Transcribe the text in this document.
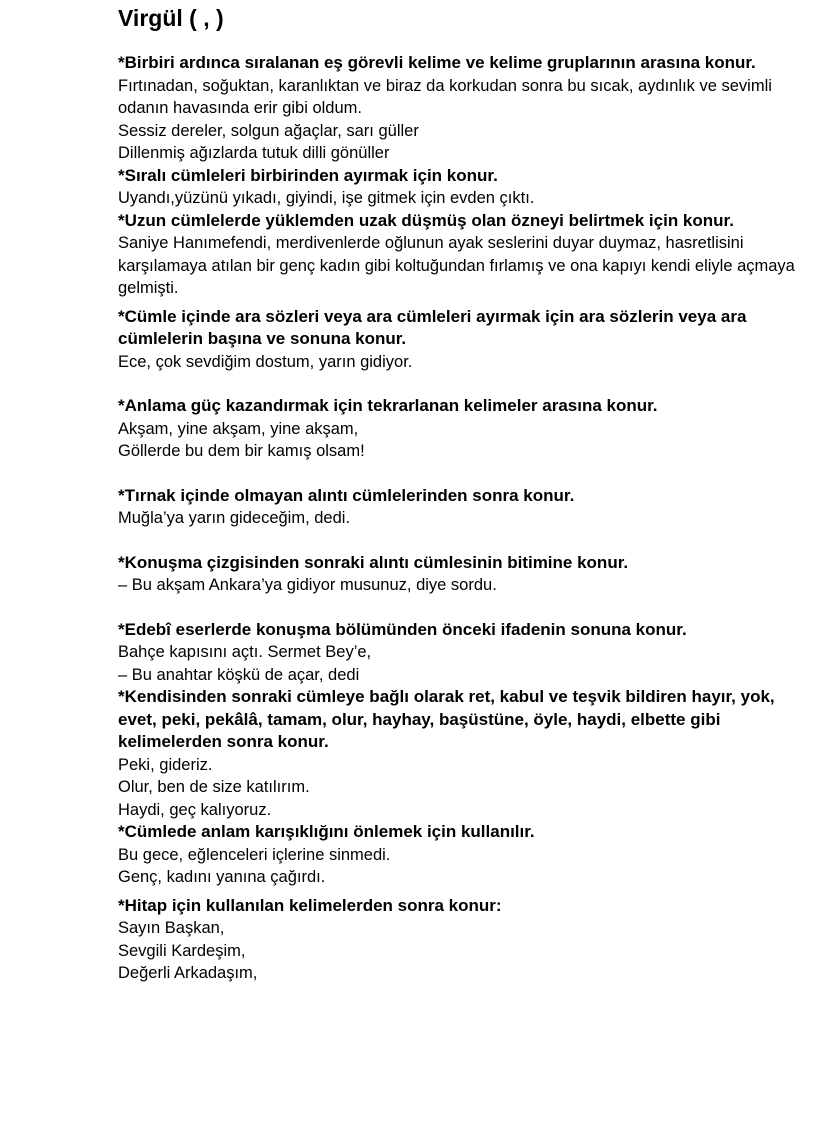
Virgül ( , )

*Birbiri ardınca sıralanan eş görevli kelime ve kelime gruplarının arasına konur.

Fırtınadan, soğuktan, karanlıktan ve biraz da korkudan sonra bu sıcak, aydınlık ve sevimli odanın havasında erir gibi oldum.

Sessiz dereler, solgun ağaçlar, sarı güller

Dillenmiş ağızlarda tutuk dilli gönüller

*Sıralı cümleleri birbirinden ayırmak için konur.

Uyandı,yüzünü yıkadı, giyindi, işe gitmek için evden çıktı.

*Uzun cümlelerde yüklemden uzak düşmüş olan özneyi belirtmek için konur.

Saniye Hanımefendi, merdivenlerde oğlunun ayak seslerini duyar duymaz, hasretlisini karşılamaya atılan bir genç kadın gibi koltuğundan fırlamış ve ona kapıyı kendi eliyle açmaya gelmişti.

*Cümle içinde ara sözleri veya ara cümleleri ayırmak için ara sözlerin veya ara cümlelerin başına ve sonuna konur.

Ece, çok sevdiğim dostum, yarın gidiyor.

*Anlama güç kazandırmak için tekrarlanan kelimeler arasına konur.

Akşam, yine akşam, yine akşam,

Göllerde bu dem bir kamış olsam!

*Tırnak içinde olmayan alıntı cümlelerinden sonra konur.

Muğla’ya yarın gideceğim, dedi.

*Konuşma çizgisinden sonraki alıntı cümlesinin bitimine konur.

– Bu akşam Ankara’ya gidiyor musunuz, diye sordu.

*Edebî eserlerde konuşma bölümünden önceki ifadenin sonuna konur.

Bahçe kapısını açtı. Sermet Bey’e,

– Bu anahtar köşkü de açar, dedi

*Kendisinden sonraki cümleye bağlı olarak ret, kabul ve teşvik bildiren hayır, yok, evet, peki, pekâlâ, tamam, olur, hayhay, başüstüne, öyle, haydi, elbette gibi kelimelerden sonra konur.

Peki, gideriz.

Olur, ben de size katılırım.

Haydi, geç kalıyoruz.

*Cümlede anlam karışıklığını önlemek için kullanılır.

Bu gece, eğlenceleri içlerine sinmedi.

Genç, kadını yanına çağırdı.

*Hitap için kullanılan kelimelerden sonra konur:

Sayın Başkan,

Sevgili Kardeşim,

Değerli Arkadaşım,
